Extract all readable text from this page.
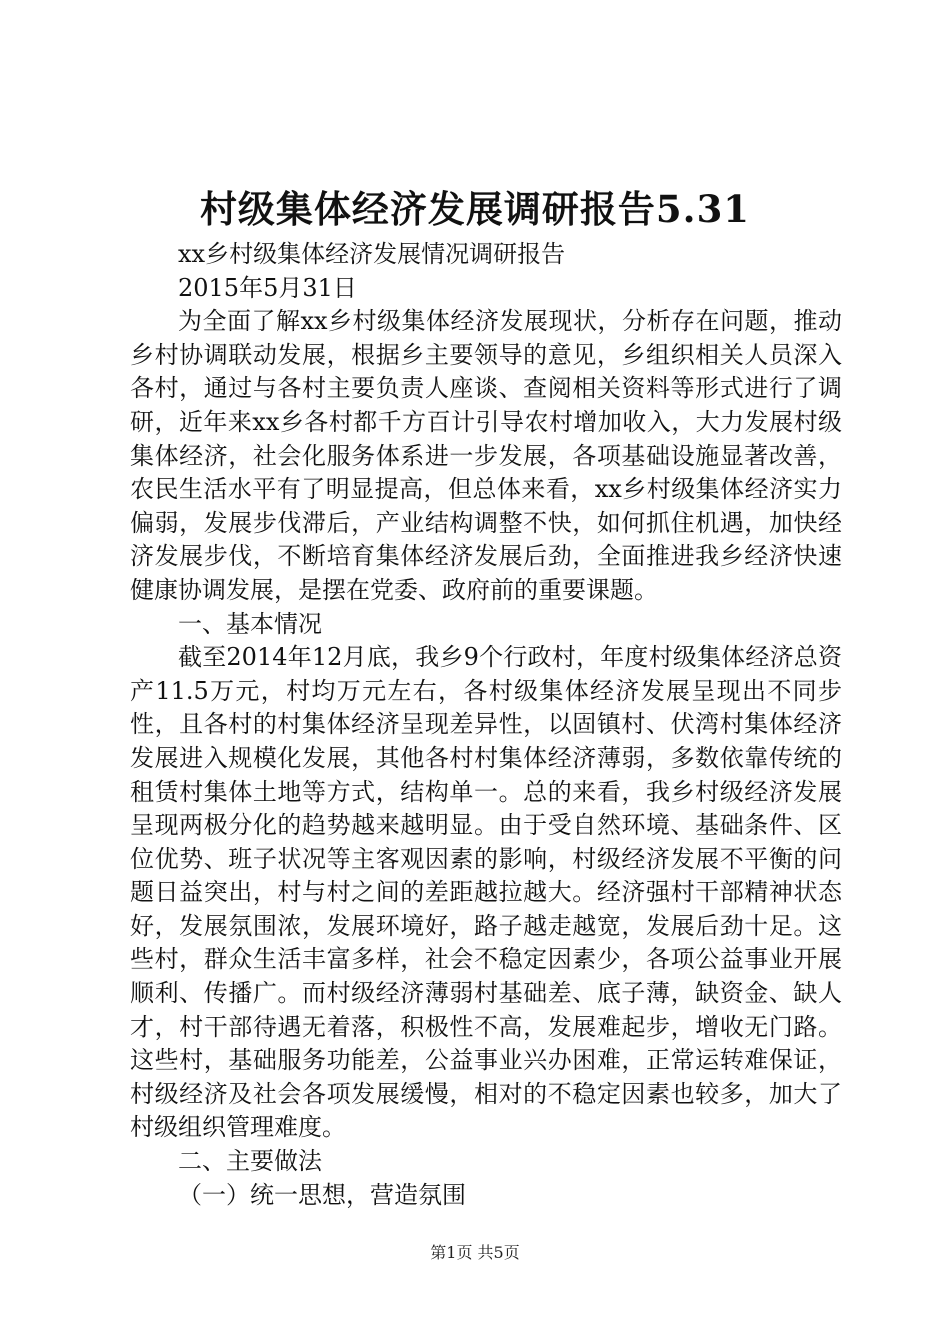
村级集体经济发展调研报告5.31

xx乡村级集体经济发展情况调研报告

2015年5月31日

为全面了解xx乡村级集体经济发展现状，分析存在问题，推动乡村协调联动发展，根据乡主要领导的意见，乡组织相关人员深入各村，通过与各村主要负责人座谈、查阅相关资料等形式进行了调研，近年来xx乡各村都千方百计引导农村增加收入，大力发展村级集体经济，社会化服务体系进一步发展，各项基础设施显著改善，农民生活水平有了明显提高，但总体来看，xx乡村级集体经济实力偏弱，发展步伐滞后，产业结构调整不快，如何抓住机遇，加快经济发展步伐，不断培育集体经济发展后劲，全面推进我乡经济快速健康协调发展，是摆在党委、政府前的重要课题。

一、基本情况

截至2014年12月底，我乡9个行政村，年度村级集体经济总资产11.5万元，村均万元左右，各村级集体经济发展呈现出不同步性，且各村的村集体经济呈现差异性，以固镇村、伏湾村集体经济发展进入规模化发展，其他各村村集体经济薄弱，多数依靠传统的租赁村集体土地等方式，结构单一。总的来看，我乡村级经济发展呈现两极分化的趋势越来越明显。由于受自然环境、基础条件、区位优势、班子状况等主客观因素的影响，村级经济发展不平衡的问题日益突出，村与村之间的差距越拉越大。经济强村干部精神状态好，发展氛围浓，发展环境好，路子越走越宽，发展后劲十足。这些村，群众生活丰富多样，社会不稳定因素少，各项公益事业开展顺利、传播广。而村级经济薄弱村基础差、底子薄，缺资金、缺人才，村干部待遇无着落，积极性不高，发展难起步，增收无门路。这些村，基础服务功能差，公益事业兴办困难，正常运转难保证，村级经济及社会各项发展缓慢，相对的不稳定因素也较多，加大了村级组织管理难度。

二、主要做法

（一）统一思想，营造氛围

第1页 共5页
